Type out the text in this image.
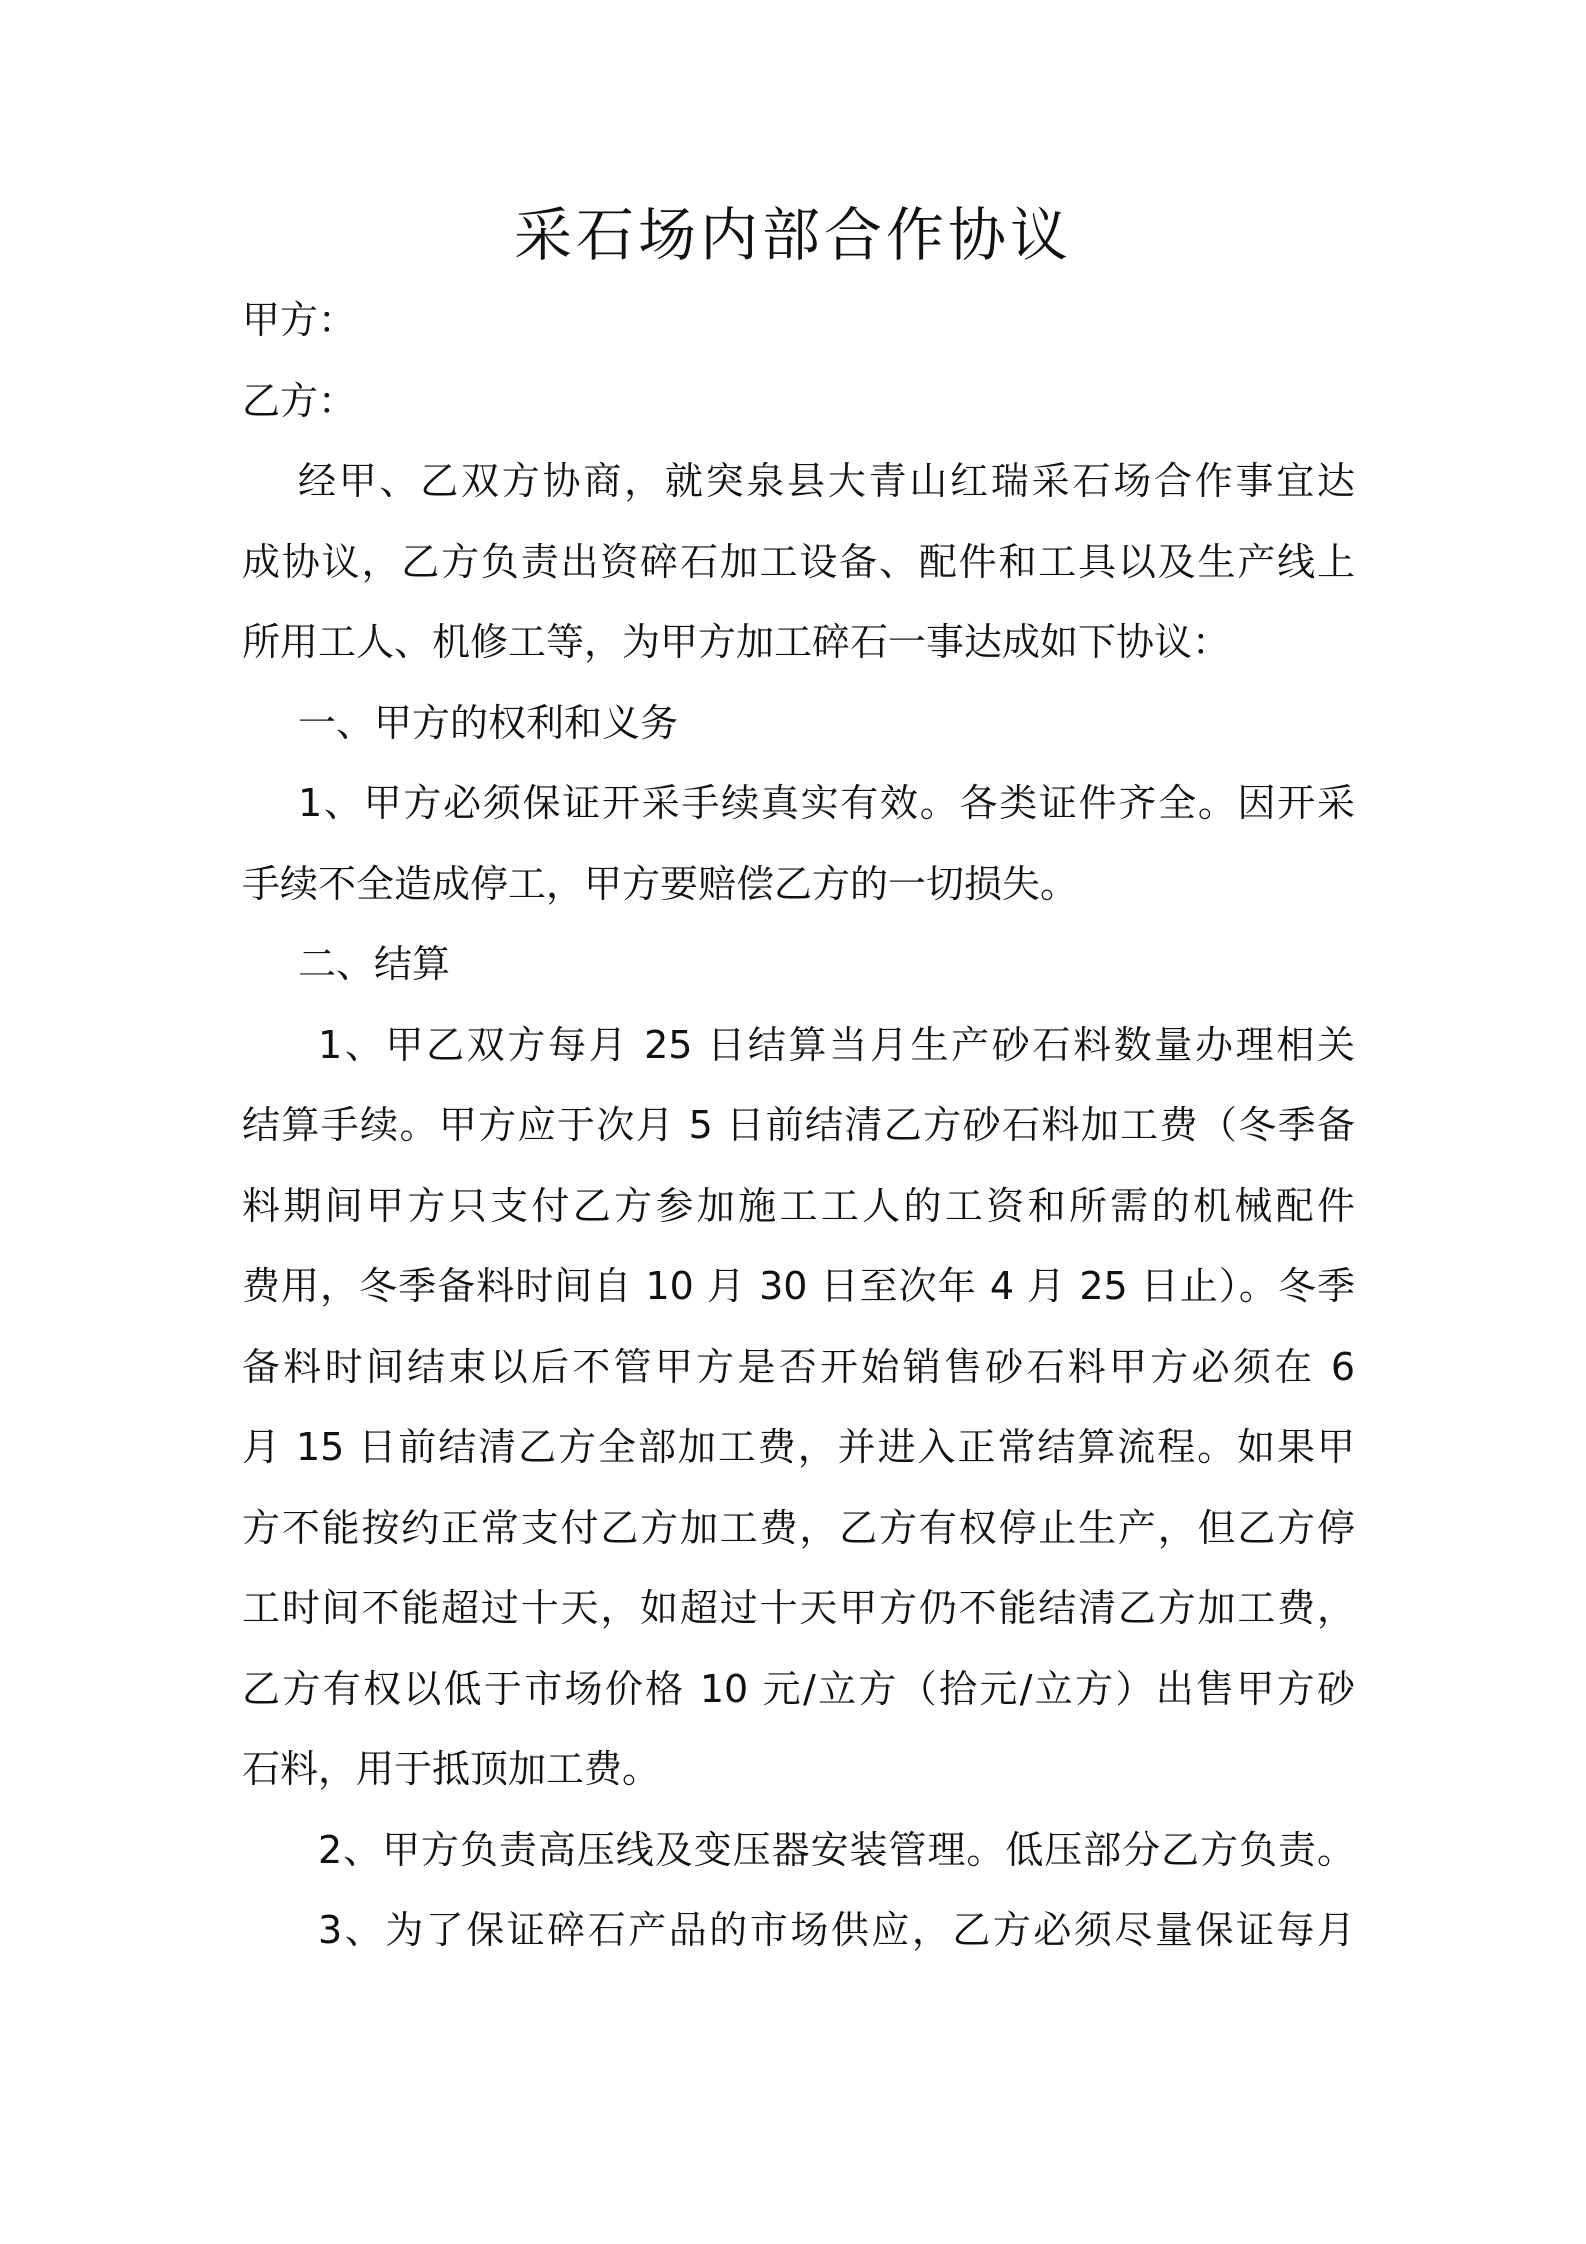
采石场内部合作协议
甲方：
乙方：
经甲、乙双方协商，就突泉县大青山红瑞采石场合作事宜达
成协议，乙方负责出资碎石加工设备、配件和工具以及生产线上
所用工人、机修工等，为甲方加工碎石一事达成如下协议：
一、甲方的权利和义务
1、甲方必须保证开采手续真实有效。各类证件齐全。因开采
手续不全造成停工，甲方要赔偿乙方的一切损失。
二、结算
1、甲乙双方每月 25 日结算当月生产砂石料数量办理相关
结算手续。甲方应于次月 5 日前结清乙方砂石料加工费（冬季备
料期间甲方只支付乙方参加施工工人的工资和所需的机械配件
费用，冬季备料时间自 10 月 30 日至次年 4 月 25 日止）。冬季
备料时间结束以后不管甲方是否开始销售砂石料甲方必须在 6
月 15 日前结清乙方全部加工费，并进入正常结算流程。如果甲
方不能按约正常支付乙方加工费，乙方有权停止生产，但乙方停
工时间不能超过十天，如超过十天甲方仍不能结清乙方加工费，
乙方有权以低于市场价格 10 元/立方（拾元/立方）出售甲方砂
石料，用于抵顶加工费。
2、甲方负责高压线及变压器安装管理。低压部分乙方负责。
3、为了保证碎石产品的市场供应，乙方必须尽量保证每月
